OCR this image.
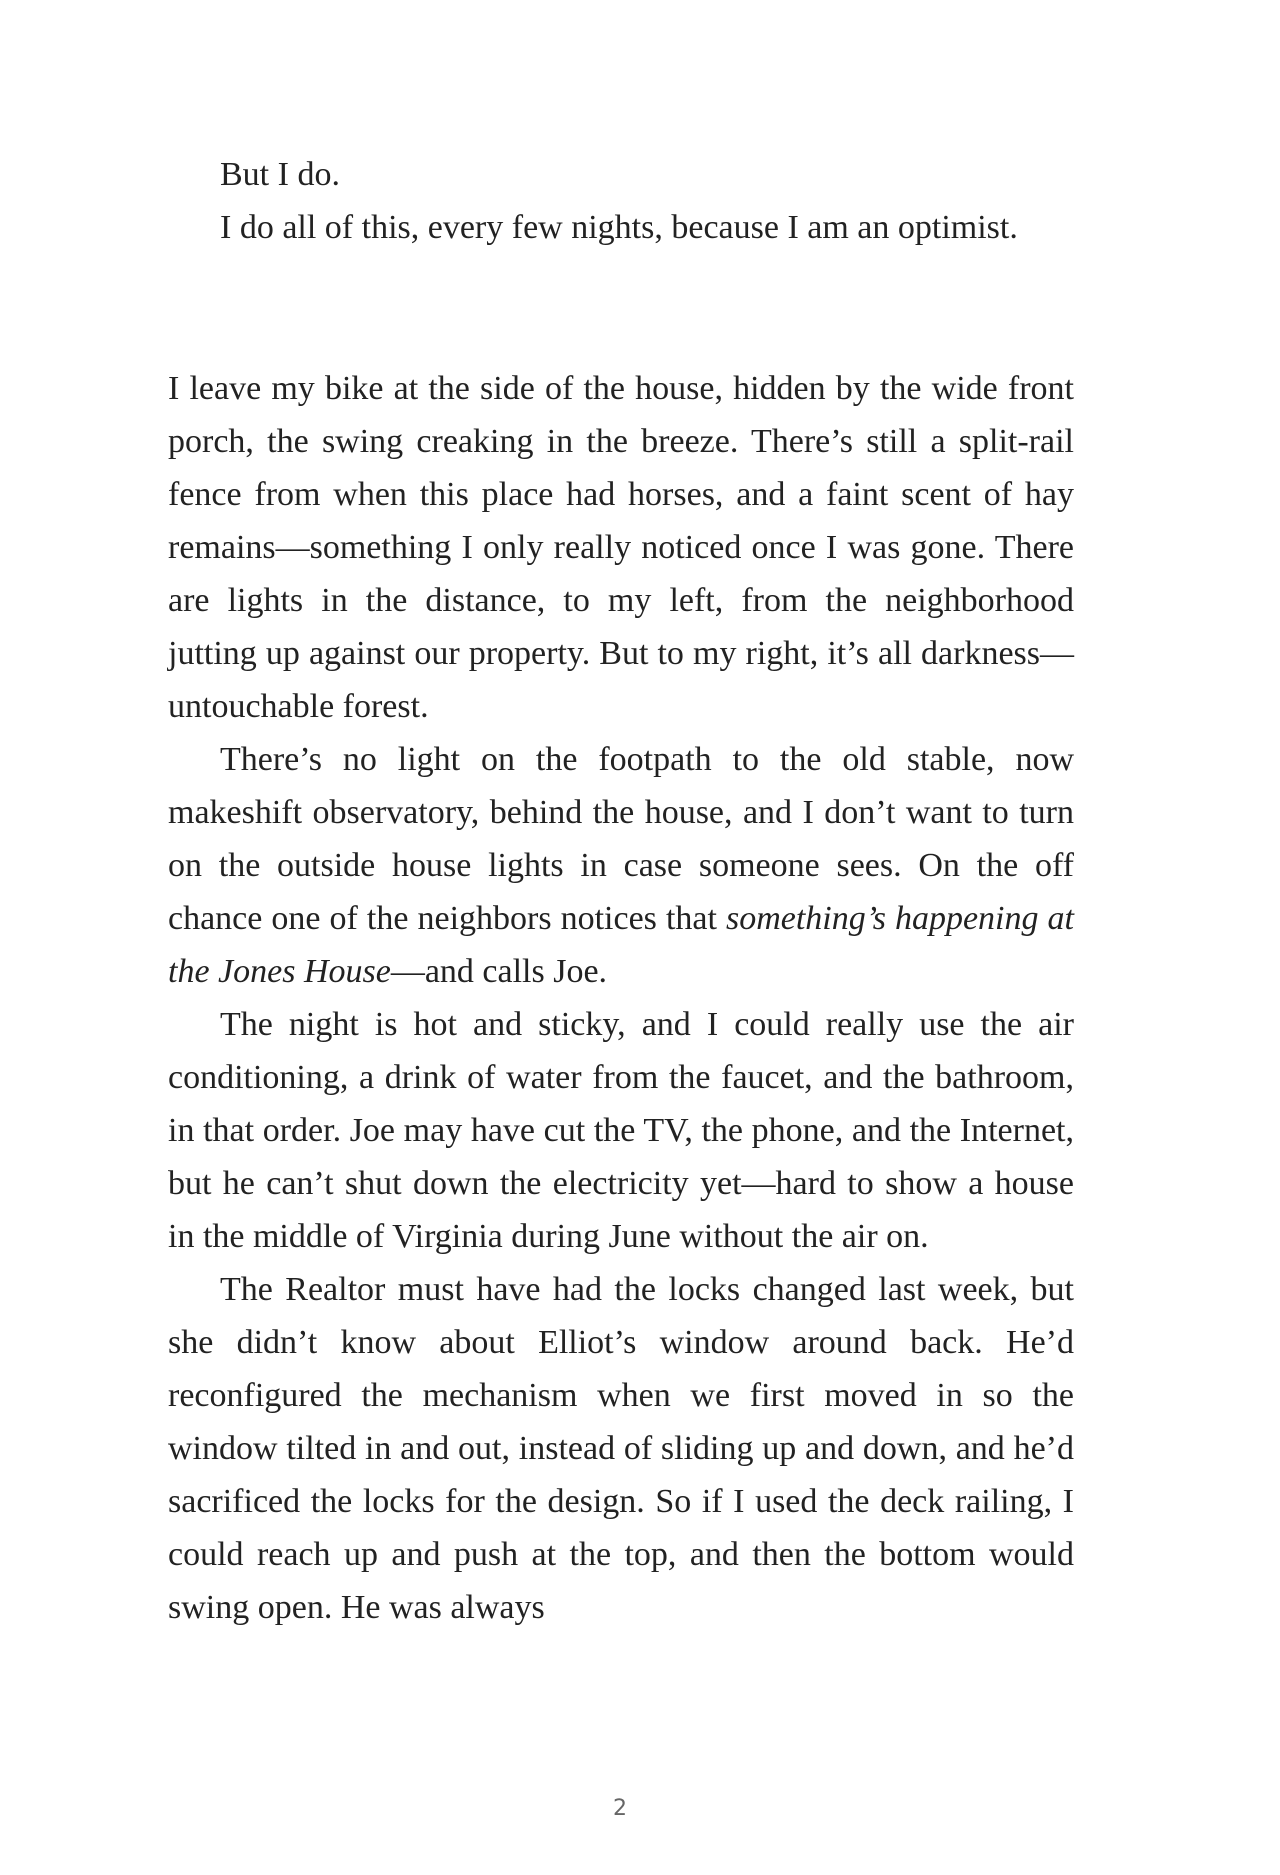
But I do.

I do all of this, every few nights, because I am an optimist.

I leave my bike at the side of the house, hidden by the wide front porch, the swing creaking in the breeze. There’s still a split-rail fence from when this place had horses, and a faint scent of hay remains—something I only really noticed once I was gone. There are lights in the distance, to my left, from the neighborhood jutting up against our property. But to my right, it’s all darkness—untouchable forest.

There’s no light on the footpath to the old stable, now makeshift observatory, behind the house, and I don’t want to turn on the outside house lights in case someone sees. On the off chance one of the neighbors notices that something’s happening at the Jones House—and calls Joe.

The night is hot and sticky, and I could really use the air conditioning, a drink of water from the faucet, and the bathroom, in that order. Joe may have cut the TV, the phone, and the Internet, but he can’t shut down the electricity yet—hard to show a house in the middle of Virginia during June without the air on.

The Realtor must have had the locks changed last week, but she didn’t know about Elliot’s window around back. He’d reconfigured the mechanism when we first moved in so the window tilted in and out, instead of sliding up and down, and he’d sacrificed the locks for the design. So if I used the deck railing, I could reach up and push at the top, and then the bottom would swing open. He was always

2
